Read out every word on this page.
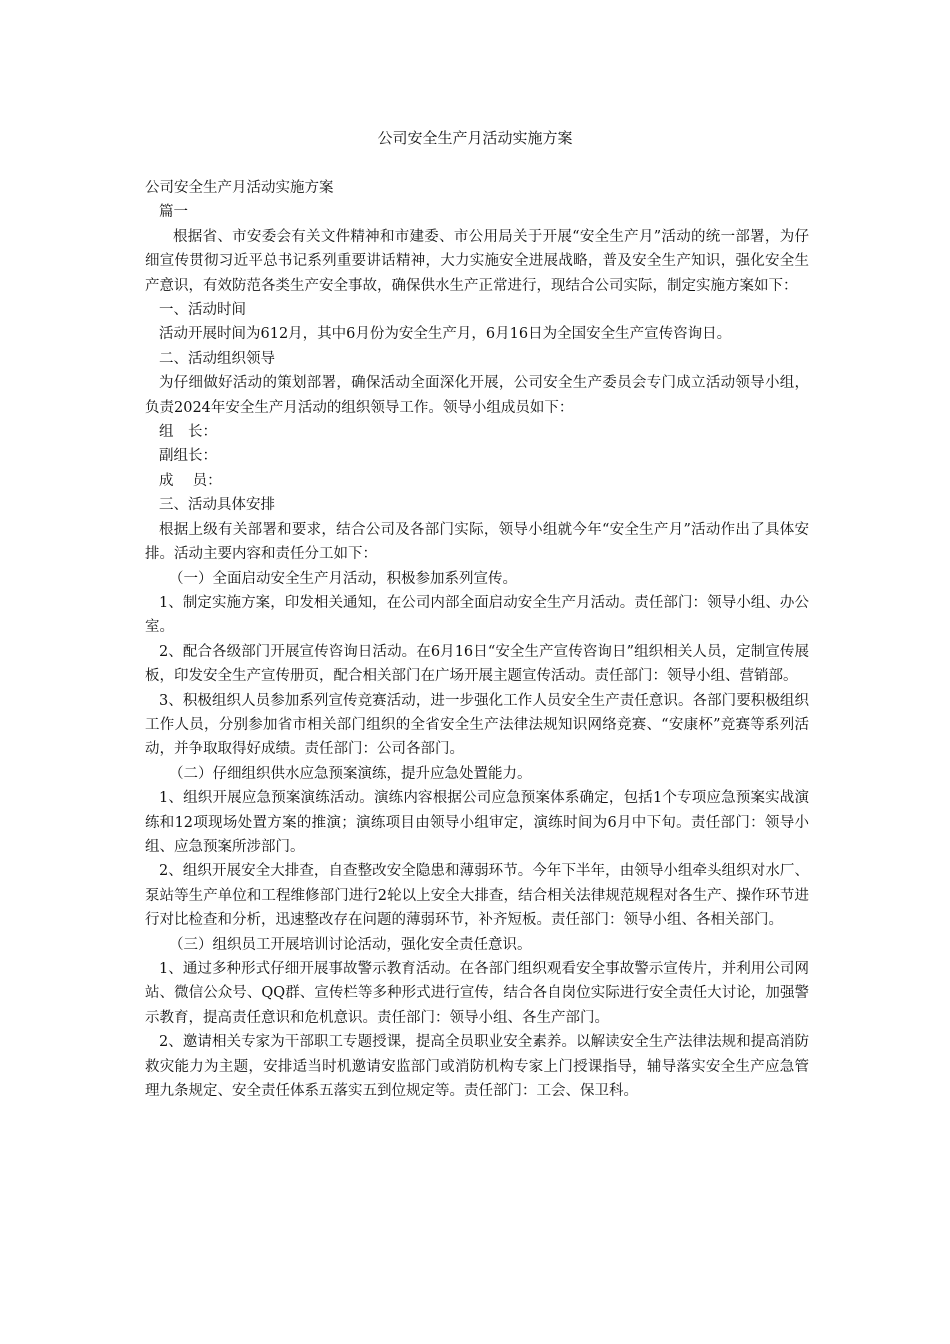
公司安全生产月活动实施方案

公司安全生产月活动实施方案

篇一

根据省、市安委会有关文件精神和市建委、市公用局关于开展“安全生产月”活动的统一部署，为仔细宣传贯彻习近平总书记系列重要讲话精神，大力实施安全进展战略，普及安全生产知识，强化安全生产意识，有效防范各类生产安全事故，确保供水生产正常进行，现结合公司实际，制定实施方案如下：

一、活动时间

活动开展时间为612月，其中6月份为安全生产月，6月16日为全国安全生产宣传咨询日。

二、活动组织领导

为仔细做好活动的策划部署，确保活动全面深化开展，公司安全生产委员会专门成立活动领导小组，负责2024年安全生产月活动的组织领导工作。领导小组成员如下：

组　长：

副组长：

成　 员：

三、活动具体安排

根据上级有关部署和要求，结合公司及各部门实际，领导小组就今年“安全生产月”活动作出了具体安排。活动主要内容和责任分工如下：

（一）全面启动安全生产月活动，积极参加系列宣传。

1、制定实施方案，印发相关通知，在公司内部全面启动安全生产月活动。责任部门：领导小组、办公室。

2、配合各级部门开展宣传咨询日活动。在6月16日“安全生产宣传咨询日”组织相关人员，定制宣传展板，印发安全生产宣传册页，配合相关部门在广场开展主题宣传活动。责任部门：领导小组、营销部。

3、积极组织人员参加系列宣传竞赛活动，进一步强化工作人员安全生产责任意识。各部门要积极组织工作人员，分别参加省市相关部门组织的全省安全生产法律法规知识网络竞赛、“安康杯”竞赛等系列活动，并争取取得好成绩。责任部门：公司各部门。

（二）仔细组织供水应急预案演练，提升应急处置能力。

1、组织开展应急预案演练活动。演练内容根据公司应急预案体系确定，包括1个专项应急预案实战演练和12项现场处置方案的推演；演练项目由领导小组审定，演练时间为6月中下旬。责任部门：领导小组、应急预案所涉部门。

2、组织开展安全大排查，自查整改安全隐患和薄弱环节。今年下半年，由领导小组牵头组织对水厂、泵站等生产单位和工程维修部门进行2轮以上安全大排查，结合相关法律规范规程对各生产、操作环节进行对比检查和分析，迅速整改存在问题的薄弱环节，补齐短板。责任部门：领导小组、各相关部门。

（三）组织员工开展培训讨论活动，强化安全责任意识。

1、通过多种形式仔细开展事故警示教育活动。在各部门组织观看安全事故警示宣传片，并利用公司网站、微信公众号、QQ群、宣传栏等多种形式进行宣传，结合各自岗位实际进行安全责任大讨论，加强警示教育，提高责任意识和危机意识。责任部门：领导小组、各生产部门。

2、邀请相关专家为干部职工专题授课，提高全员职业安全素养。以解读安全生产法律法规和提高消防救灾能力为主题，安排适当时机邀请安监部门或消防机构专家上门授课指导，辅导落实安全生产应急管理九条规定、安全责任体系五落实五到位规定等。责任部门：工会、保卫科。
